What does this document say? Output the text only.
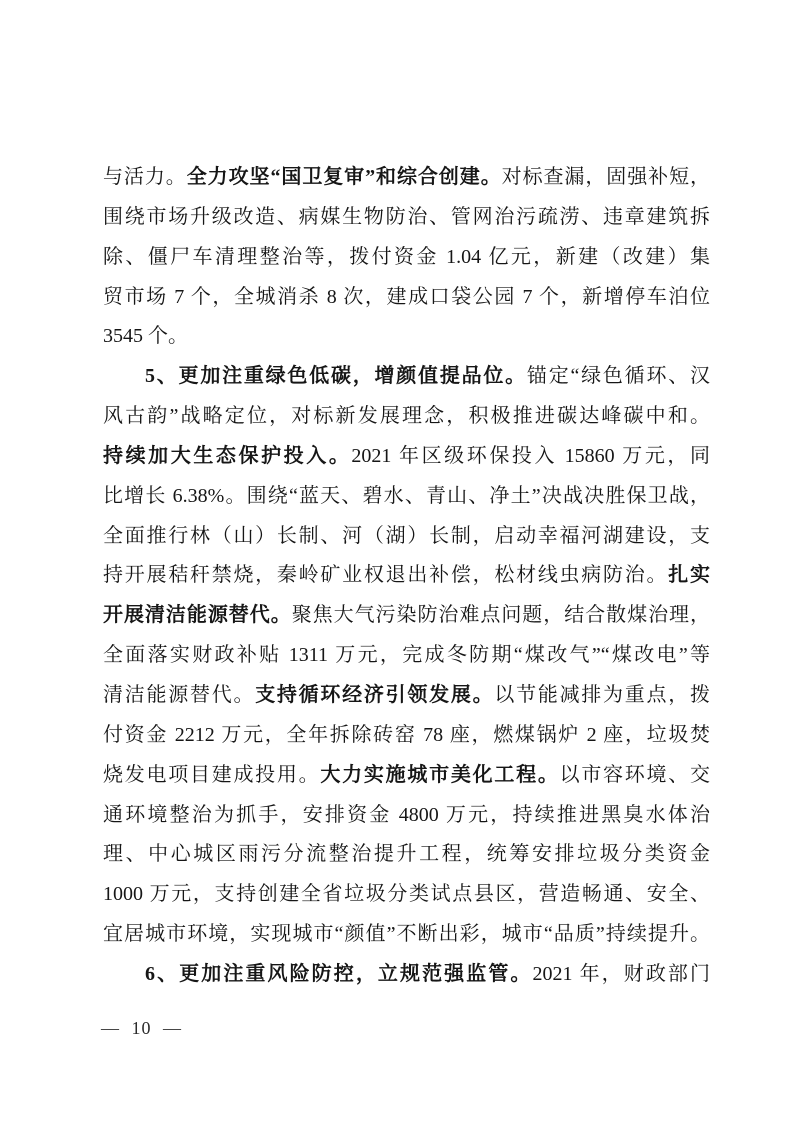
与活力。全力攻坚“国卫复审”和综合创建。对标查漏，固强补短，
围绕市场升级改造、病媒生物防治、管网治污疏涝、违章建筑拆
除、僵尸车清理整治等，拨付资金 1.04 亿元，新建（改建）集
贸市场 7 个，全城消杀 8 次，建成口袋公园 7 个，新增停车泊位
3545 个。
5、更加注重绿色低碳，增颜值提品位。锚定“绿色循环、汉
风古韵”战略定位，对标新发展理念，积极推进碳达峰碳中和。
持续加大生态保护投入。2021 年区级环保投入 15860 万元，同
比增长 6.38%。围绕“蓝天、碧水、青山、净土”决战决胜保卫战，
全面推行林（山）长制、河（湖）长制，启动幸福河湖建设，支
持开展秸秆禁烧，秦岭矿业权退出补偿，松材线虫病防治。扎实
开展清洁能源替代。聚焦大气污染防治难点问题，结合散煤治理，
全面落实财政补贴 1311 万元，完成冬防期“煤改气”“煤改电”等
清洁能源替代。支持循环经济引领发展。以节能减排为重点，拨
付资金 2212 万元，全年拆除砖窑 78 座，燃煤锅炉 2 座，垃圾焚
烧发电项目建成投用。大力实施城市美化工程。以市容环境、交
通环境整治为抓手，安排资金 4800 万元，持续推进黑臭水体治
理、中心城区雨污分流整治提升工程，统筹安排垃圾分类资金
1000 万元，支持创建全省垃圾分类试点县区，营造畅通、安全、
宜居城市环境，实现城市“颜值”不断出彩，城市“品质”持续提升。
6、更加注重风险防控，立规范强监管。2021 年，财政部门
— 10 —
